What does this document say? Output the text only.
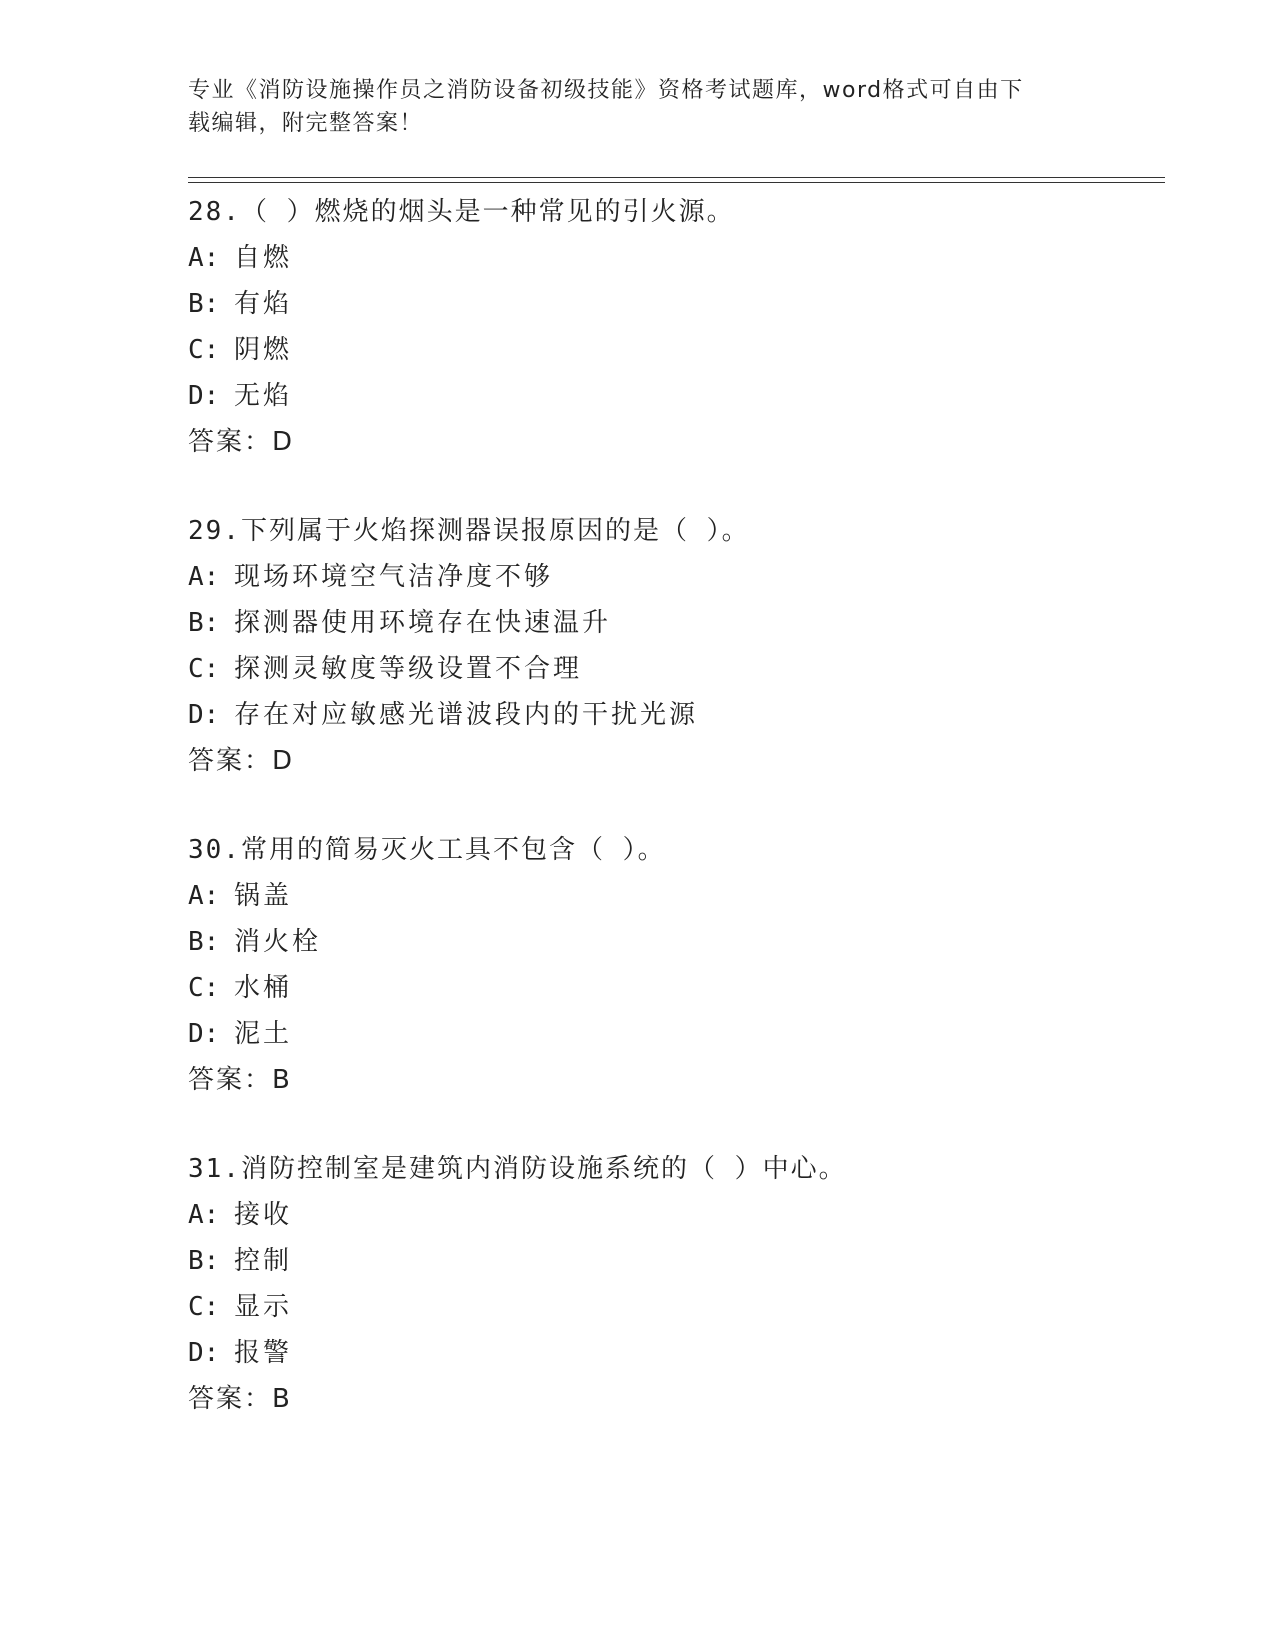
专业《消防设施操作员之消防设备初级技能》资格考试题库，word格式可自由下
载编辑，附完整答案！
28.（ ）燃烧的烟头是一种常见的引火源。
A: 自燃
B: 有焰
C: 阴燃
D: 无焰
答案：D
29.下列属于火焰探测器误报原因的是（ ）。
A: 现场环境空气洁净度不够
B: 探测器使用环境存在快速温升
C: 探测灵敏度等级设置不合理
D: 存在对应敏感光谱波段内的干扰光源
答案：D
30.常用的简易灭火工具不包含（ ）。
A: 锅盖
B: 消火栓
C: 水桶
D: 泥土
答案：B
31.消防控制室是建筑内消防设施系统的（ ）中心。
A: 接收
B: 控制
C: 显示
D: 报警
答案：B
